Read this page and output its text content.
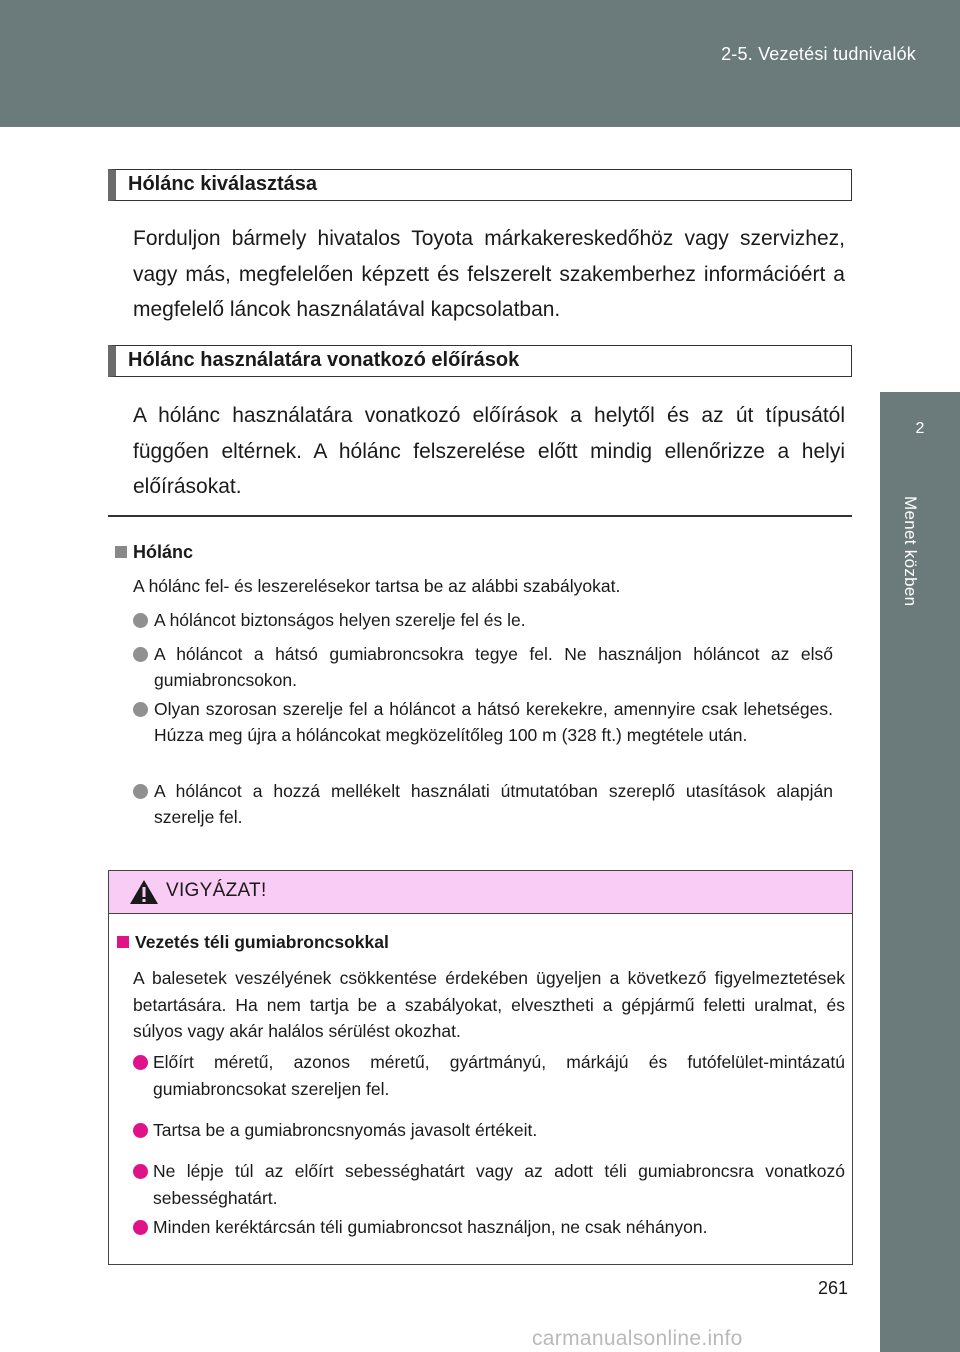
2-5. Vezetési tudnivalók
2
Menet közben
Hólánc kiválasztása
Forduljon bármely hivatalos Toyota márkakereskedőhöz vagy szervizhez, vagy más, megfelelően képzett és felszerelt szakemberhez információért a megfelelő láncok használatával kapcsolatban.
Hólánc használatára vonatkozó előírások
A hólánc használatára vonatkozó előírások a helytől és az út típusától függően eltérnek. A hólánc felszerelése előtt mindig ellenőrizze a helyi előírásokat.
Hólánc
A hólánc fel- és leszerelésekor tartsa be az alábbi szabályokat.
A hóláncot biztonságos helyen szerelje fel és le.
A hóláncot a hátsó gumiabroncsokra tegye fel. Ne használjon hóláncot az első gumiabroncsokon.
Olyan szorosan szerelje fel a hóláncot a hátsó kerekekre, amennyire csak lehetséges. Húzza meg újra a hóláncokat megközelítőleg 100 m (328 ft.) megtétele után.
A hóláncot a hozzá mellékelt használati útmutatóban szereplő utasítások alapján szerelje fel.
VIGYÁZAT!
Vezetés téli gumiabroncsokkal
A balesetek veszélyének csökkentése érdekében ügyeljen a következő figyelmeztetések betartására. Ha nem tartja be a szabályokat, elvesztheti a gépjármű feletti uralmat, és súlyos vagy akár halálos sérülést okozhat.
Előírt méretű, azonos méretű, gyártmányú, márkájú és futófelület-mintázatú gumiabroncsokat szereljen fel.
Tartsa be a gumiabroncsnyomás javasolt értékeit.
Ne lépje túl az előírt sebességhatárt vagy az adott téli gumiabroncsra vonatkozó sebességhatárt.
Minden keréktárcsán téli gumiabroncsot használjon, ne csak néhányon.
261
carmanualsonline.info
